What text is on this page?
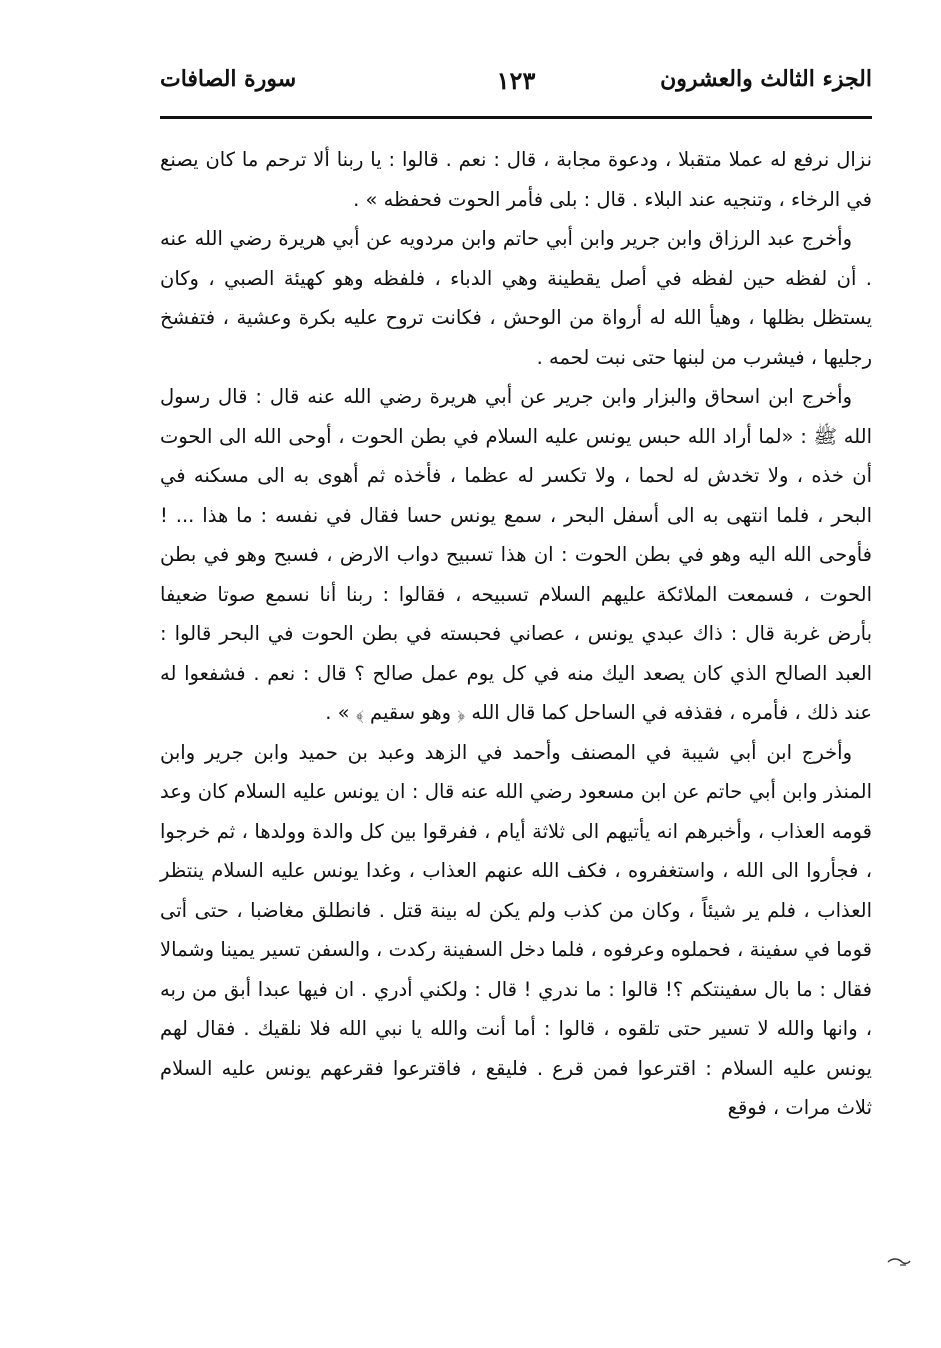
الجزء الثالث والعشرون
١٢٣
سورة الصافات

نزال نرفع له عملا متقبلا ، ودعوة مجابة ، قال : نعم . قالوا : يا ربنا ألا ترحم ما كان يصنع في الرخاء ، وتنجيه عند البلاء . قال : بلى فأمر الحوت فحفظه » .

وأخرج عبد الرزاق وابن جرير وابن أبي حاتم وابن مردويه عن أبي هريرة رضي الله عنه . أن لفظه حين لفظه في أصل يقطينة وهي الدباء ، فلفظه وهو كهيئة الصبي ، وكان يستظل بظلها ، وهيأ الله له أرواة من الوحش ، فكانت تروح عليه بكرة وعشية ، فتفشخ رجليها ، فيشرب من لبنها حتى نبت لحمه .

وأخرج ابن اسحاق والبزار وابن جرير عن أبي هريرة رضي الله عنه قال : قال رسول الله ﷺ : «لما أراد الله حبس يونس عليه السلام في بطن الحوت ، أوحى الله الى الحوت أن خذه ، ولا تخدش له لحما ، ولا تكسر له عظما ، فأخذه ثم أهوى به الى مسكنه في البحر ، فلما انتهى به الى أسفل البحر ، سمع يونس حسا فقال في نفسه : ما هذا ... ! فأوحى الله اليه وهو في بطن الحوت : ان هذا تسبيح دواب الارض ، فسبح وهو في بطن الحوت ، فسمعت الملائكة عليهم السلام تسبيحه ، فقالوا : ربنا أنا نسمع صوتا ضعيفا بأرض غربة قال : ذاك عبدي يونس ، عصاني فحبسته في بطن الحوت في البحر قالوا : العبد الصالح الذي كان يصعد اليك منه في كل يوم عمل صالح ؟ قال : نعم . فشفعوا له عند ذلك ، فأمره ، فقذفه في الساحل كما قال الله ﴿ وهو سقيم ﴾ » .

وأخرج ابن أبي شيبة في المصنف وأحمد في الزهد وعبد بن حميد وابن جرير وابن المنذر وابن أبي حاتم عن ابن مسعود رضي الله عنه قال : ان يونس عليه السلام كان وعد قومه العذاب ، وأخبرهم انه يأتيهم الى ثلاثة أيام ، ففرقوا بين كل والدة وولدها ، ثم خرجوا ، فجأروا الى الله ، واستغفروه ، فكف الله عنهم العذاب ، وغدا يونس عليه السلام ينتظر العذاب ، فلم ير شيئاً ، وكان من كذب ولم يكن له بينة قتل . فانطلق مغاضبا ، حتى أتى قوما في سفينة ، فحملوه وعرفوه ، فلما دخل السفينة ركدت ، والسفن تسير يمينا وشمالا فقال : ما بال سفينتكم ؟! قالوا : ما ندري ! قال : ولكني أدري . ان فيها عبدا أبق من ربه ، وانها والله لا تسير حتى تلقوه ، قالوا : أما أنت والله يا نبي الله فلا نلقيك . فقال لهم يونس عليه السلام : اقترعوا فمن قرع . فليقع ، فاقترعوا فقرعهم يونس عليه السلام ثلاث مرات ، فوقع
